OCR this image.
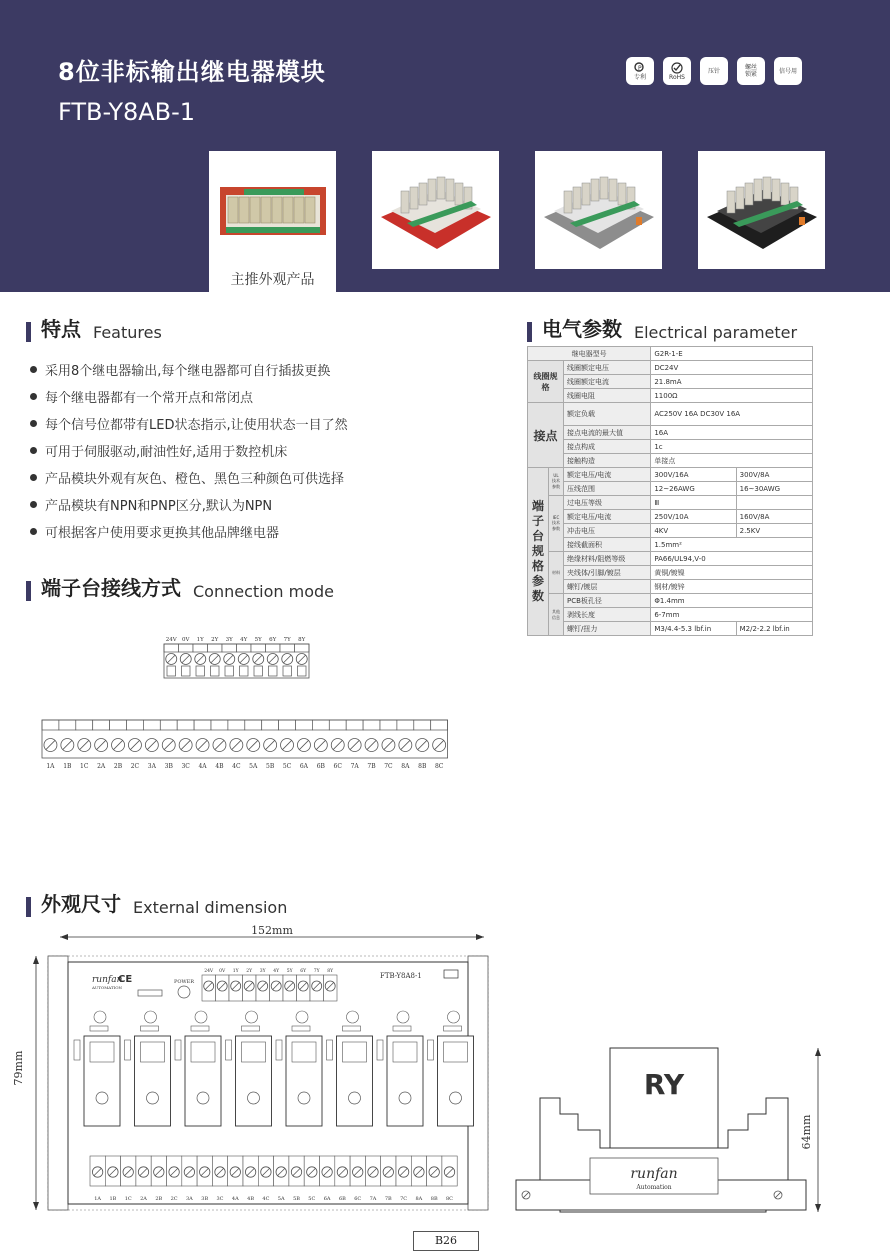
8位非标输出继电器模块
FTB-Y8AB-1
P
专利	RoHS
压针	螺丝锁紧	信号用
主推外观产品
特点 Features
采用8个继电器输出,每个继电器都可自行插拔更换
每个继电器都有一个常开点和常闭点
每个信号位都带有LED状态指示,让使用状态一目了然
可用于伺服驱动,耐油性好,适用于数控机床
产品模块外观有灰色、橙色、黑色三种颜色可供选择
产品模块有NPN和PNP区分,默认为NPN
可根据客户使用要求更换其他品牌继电器
电气参数 Electrical parameter
继电器型号			G2R-1-E	
线圈规格		线圈额定电压	DC24V	
		线圈额定电流	21.8mA	
		线圈电阻	1100Ω	
接点		额定负载	AC250V 16A DC30V 16A	
		接点电流的最大值	16A	
		接点构成	1c	
		接触构造	单接点	
端子台规格参数	UL技术参数	额定电压/电流	300V/16A	300V/8A
		压线范围	12~26AWG	16~30AWG
	IEC技术参数	过电压等级	Ⅲ	
		额定电压/电流	250V/10A	160V/8A
		冲击电压	4KV	2.5KV
		接线截面积	1.5mm²	
	材料	绝缘材料/阻燃等级	PA66/UL94,V-0	
		夹线体/引脚/镀层	黄铜/镀镍	
		螺钉/镀层	钢材/镀锌	
	其他信息	PCB板孔径	Φ1.4mm	
		剥线长度	6-7mm	
		螺钉/扭力	M3/4.4-5.3 lbf.in	M2/2-2.2 lbf.in
端子台接线方式 Connection mode
24V 0V 1Y 2Y 3Y 4Y 5Y 6Y 7Y 8Y
1A 1B 1C 2A 2B 2C 3A 3B 3C 4A 4B 4C 5A 5B 5C 6A 6B 6C 7A 7B 7C 8A 8B 8C
外观尺寸 External dimension
152mm
79mm
runfan
AUTOMATION
CE	FTB-Y8A8-1
POWER
24V 0V 1Y 2Y 3Y 4Y 5Y 6Y 7Y 8Y
1A 1B 1C 2A 2B 2C 3A 3B 3C 4A 4B 4C 5A 5B 5C 6A 6B 6C 7A 7B 7C 8A 8B 8C
RY
runfan
Automation
64mm
B26
